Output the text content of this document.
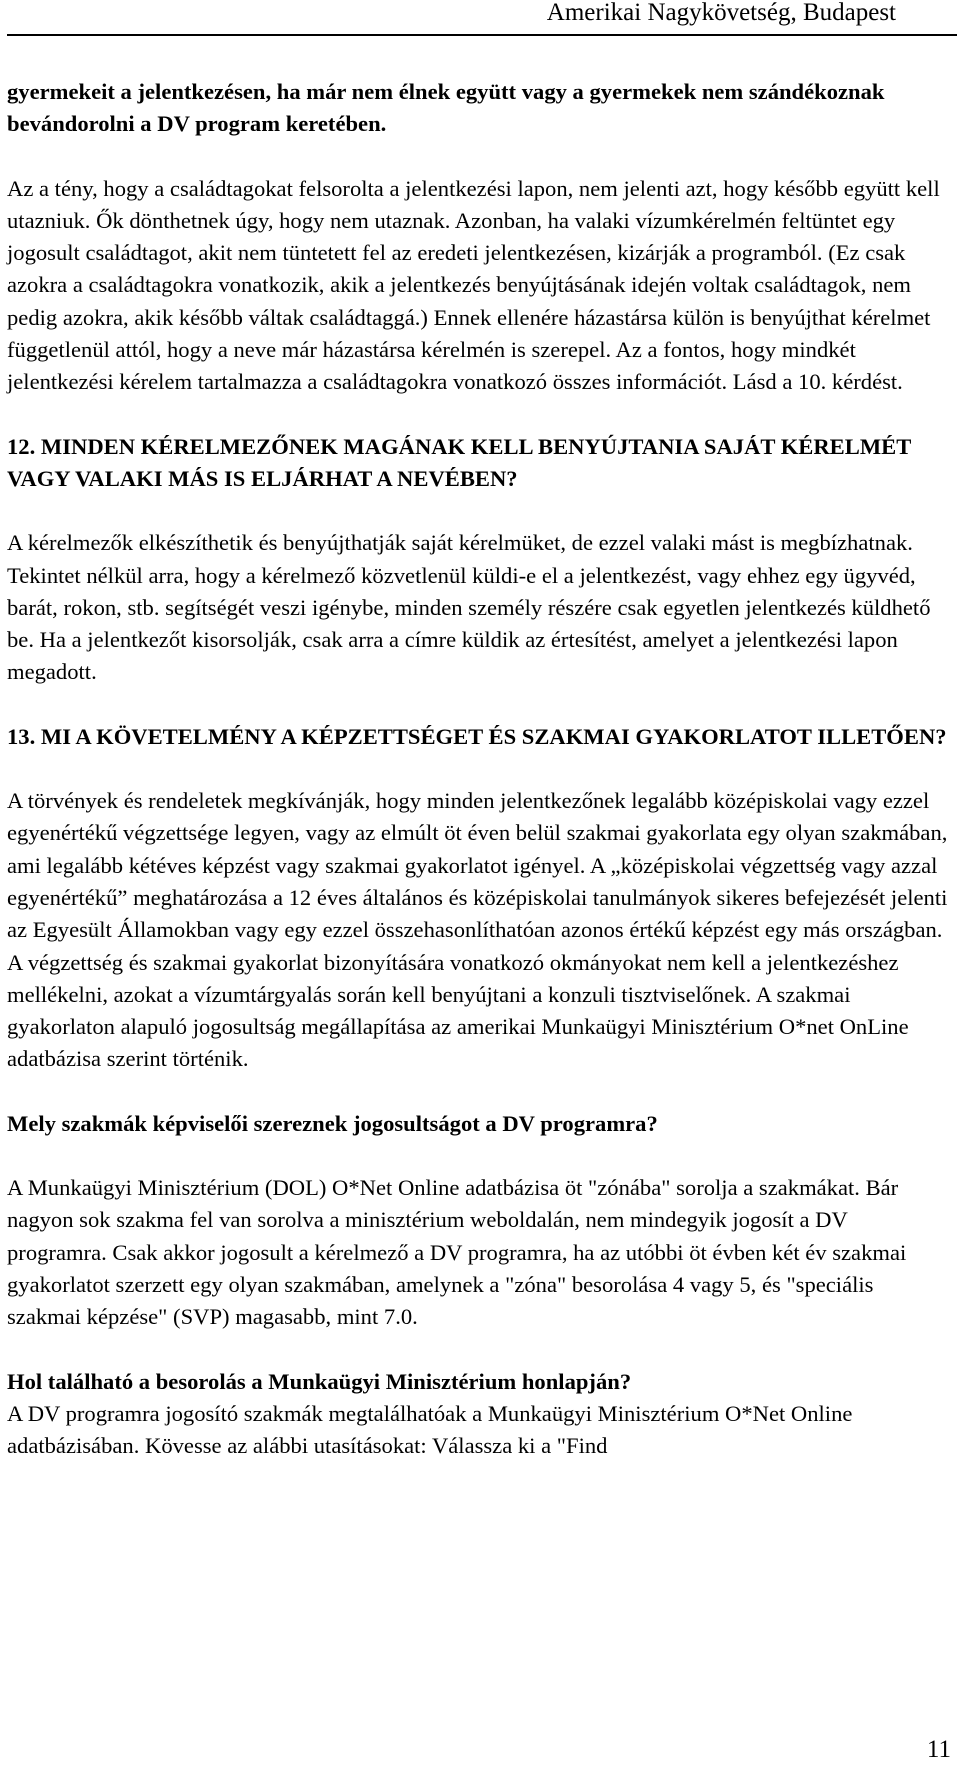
Amerikai Nagykövetség, Budapest

gyermekeit a jelentkezésen, ha már nem élnek együtt vagy a gyermekek nem szándékoznak bevándorolni a DV program keretében.

Az a tény, hogy a családtagokat felsorolta a jelentkezési lapon, nem jelenti azt, hogy később együtt kell utazniuk. Ők dönthetnek úgy, hogy nem utaznak. Azonban, ha valaki vízumkérelmén feltüntet egy jogosult családtagot, akit nem tüntetett fel az eredeti jelentkezésen, kizárják a programból. (Ez csak azokra a családtagokra vonatkozik, akik a jelentkezés benyújtásának idején voltak családtagok, nem pedig azokra, akik később váltak családtaggá.) Ennek ellenére házastársa külön is benyújthat kérelmet függetlenül attól, hogy a neve már házastársa kérelmén is szerepel. Az a fontos, hogy mindkét jelentkezési kérelem tartalmazza a családtagokra vonatkozó összes információt. Lásd a 10. kérdést.

12. MINDEN KÉRELMEZŐNEK MAGÁNAK KELL BENYÚJTANIA SAJÁT KÉRELMÉT VAGY VALAKI MÁS IS ELJÁRHAT A NEVÉBEN?

A kérelmezők elkészíthetik és benyújthatják saját kérelmüket, de ezzel valaki mást is megbízhatnak. Tekintet nélkül arra, hogy a kérelmező közvetlenül küldi-e el a jelentkezést, vagy ehhez egy ügyvéd, barát, rokon, stb. segítségét veszi igénybe, minden személy részére csak egyetlen jelentkezés küldhető be. Ha a jelentkezőt kisorsolják, csak arra a címre küldik az értesítést, amelyet a jelentkezési lapon megadott.

13. MI A KÖVETELMÉNY A KÉPZETTSÉGET ÉS SZAKMAI GYAKORLATOT ILLETŐEN?

A törvények és rendeletek megkívánják, hogy minden jelentkezőnek legalább középiskolai vagy ezzel egyenértékű végzettsége legyen, vagy az elmúlt öt éven belül szakmai gyakorlata egy olyan szakmában, ami legalább kétéves képzést vagy szakmai gyakorlatot igényel. A „középiskolai végzettség vagy azzal egyenértékű” meghatározása a 12 éves általános és középiskolai tanulmányok sikeres befejezését jelenti az Egyesült Államokban vagy egy ezzel összehasonlíthatóan azonos értékű képzést egy más országban. A végzettség és szakmai gyakorlat bizonyítására vonatkozó okmányokat nem kell a jelentkezéshez mellékelni, azokat a vízumtárgyalás során kell benyújtani a konzuli tisztviselőnek. A szakmai gyakorlaton alapuló jogosultság megállapítása az amerikai Munkaügyi Minisztérium O*net OnLine adatbázisa szerint történik.

Mely szakmák képviselői szereznek jogosultságot a DV programra?

A Munkaügyi Minisztérium (DOL) O*Net Online adatbázisa öt "zónába" sorolja a szakmákat. Bár nagyon sok szakma fel van sorolva a minisztérium weboldalán, nem mindegyik jogosít a DV programra. Csak akkor jogosult a kérelmező a DV programra, ha az utóbbi öt évben két év szakmai gyakorlatot szerzett egy olyan szakmában, amelynek a "zóna" besorolása 4 vagy 5, és "speciális szakmai képzése" (SVP) magasabb, mint 7.0.

Hol található a besorolás a Munkaügyi Minisztérium honlapján?

A DV programra jogosító szakmák megtalálhatóak a Munkaügyi Minisztérium O*Net Online adatbázisában. Kövesse az alábbi utasításokat: Válassza ki a "Find

11
